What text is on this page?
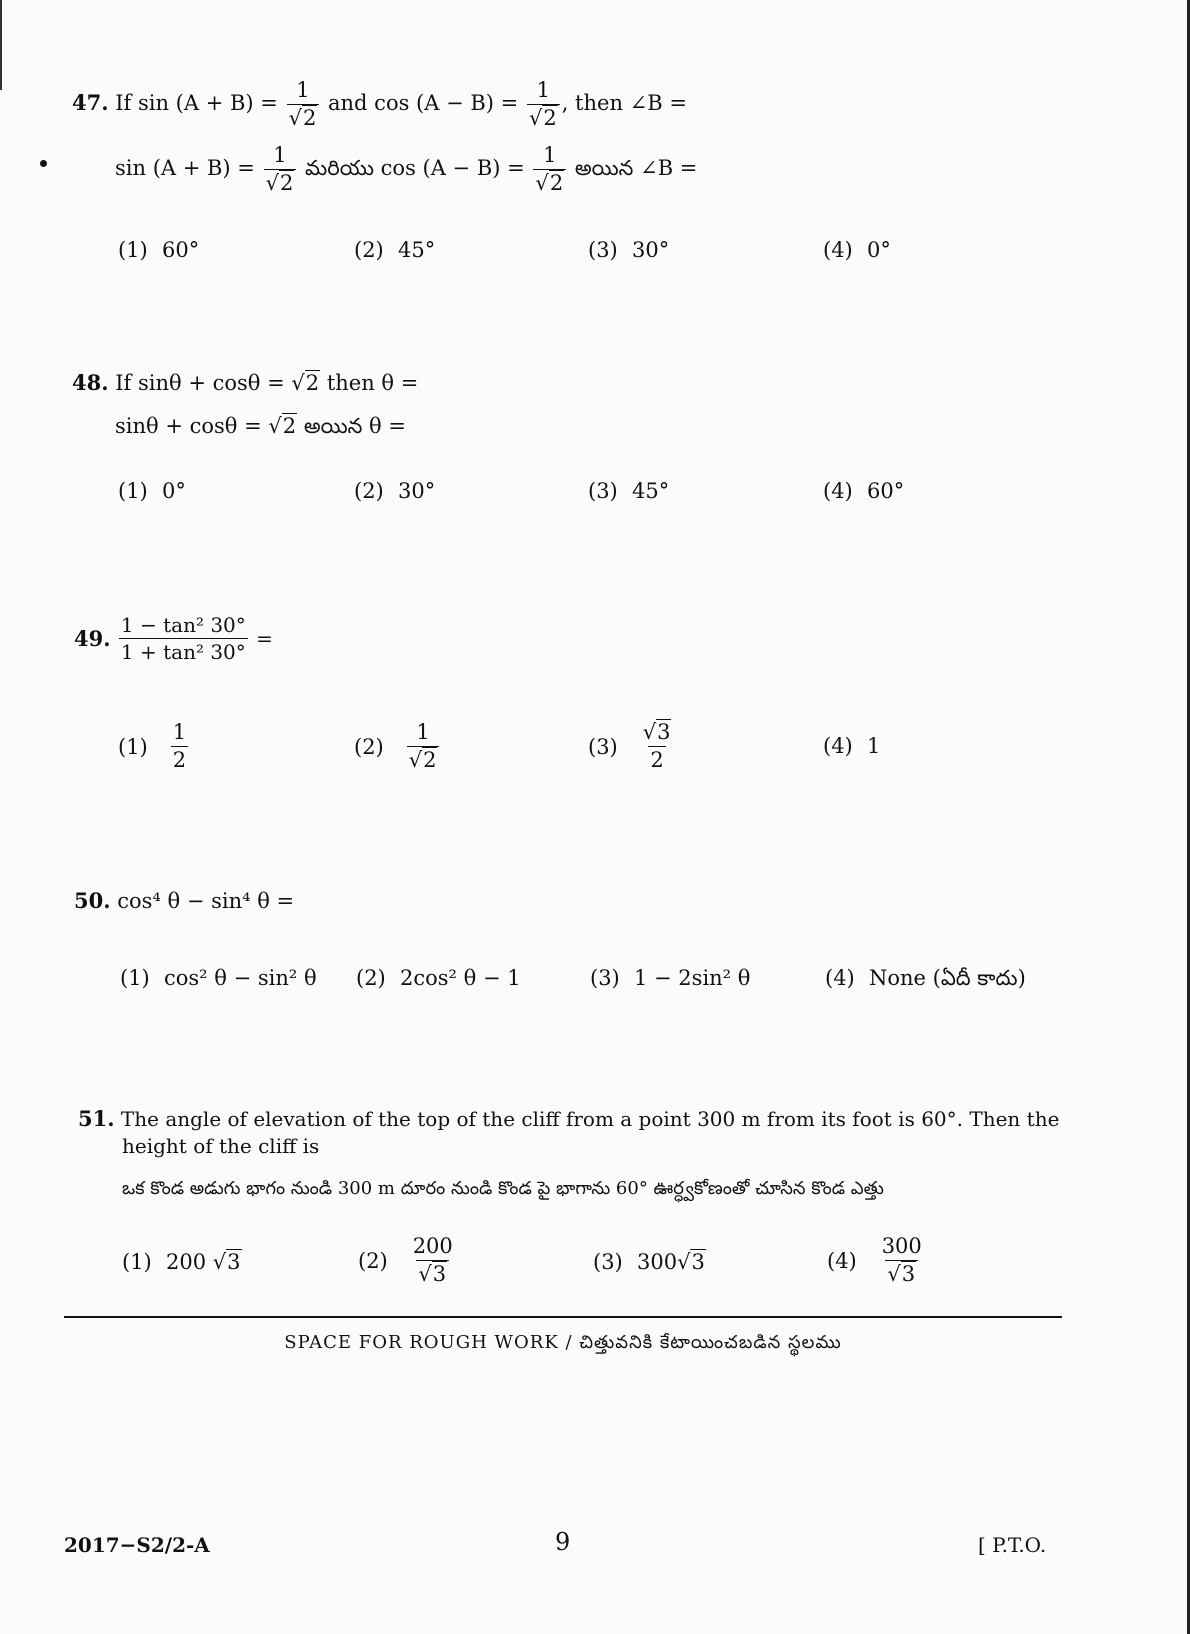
47. If $\sin (A + B) = \frac{1}{√2}$ and $\cos (A - B) = \frac{1}{√2}$ , then ∠B =
$\sin (A + B) = \frac{1}{√2}$ మరియు $\cos (A - B) = \frac{1}{√2}$ అయిన ∠B =
(1) 60°	(2) 45°	(3) 30°	(4) 0°
48. If sinθ + cosθ = √2 then θ =
sinθ + cosθ = √2 అయిన θ =
(1) 0°	(2) 30°	(3) 45°	(4) 60°
49. $\frac{\text{1 − tan² 30°}}{\text{1 + tan² 30°}}$ =
$(1) \frac{1}{2}$	$(2) \frac{1}{√2}$	$(3) \frac{√3}{2}$	(4) 1
50. cos⁴ θ − sin⁴ θ =
(1) cos² θ − sin² θ (2) 2cos² θ − 1	(3) 1 − 2sin² θ	(4) None (ఏదీ కాదు)
51. The angle of elevation of the top of the cliff from a point 300 m from its foot is 60°. Then the
height of the cliff is
ఒక కొండ అడుగు భాగం నుండి 300 m దూరం నుండి కొండ పై భాగాను 60° ఊర్ధ్వకోణంతో చూసిన కొండ ఎత్తు
(1) 200 √3	$(2) \frac{200}{√3}$	(3) 300√3	$(4) \frac{300}{√3}$
SPACE FOR ROUGH WORK / చిత్తువనికి కేటాయించబడిన స్థలము
2017−S2/2-A	9	[ P.T.O.
